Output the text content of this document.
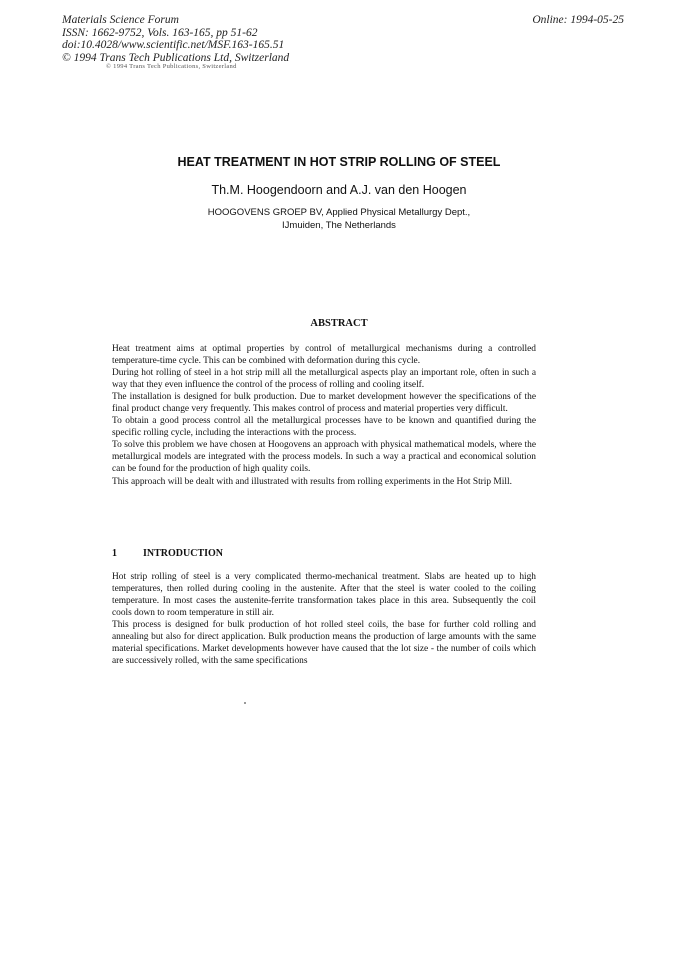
Materials Science Forum
ISSN: 1662-9752, Vols. 163-165, pp 51-62
doi:10.4028/www.scientific.net/MSF.163-165.51
© 1994 Trans Tech Publications Ltd, Switzerland
Online: 1994-05-25
© 1994 Trans Tech Publications, Switzerland
HEAT TREATMENT IN HOT STRIP ROLLING OF STEEL
Th.M. Hoogendoorn and A.J. van den Hoogen
HOOGOVENS GROEP BV, Applied Physical Metallurgy Dept.,
IJmuiden, The Netherlands
ABSTRACT

Heat treatment aims at optimal properties by control of metallurgical mechanisms during a controlled temperature-time cycle. This can be combined with deformation during this cycle.

During hot rolling of steel in a hot strip mill all the metallurgical aspects play an important role, often in such a way that they even influence the control of the process of rolling and cooling itself.

The installation is designed for bulk production. Due to market development however the specifications of the final product change very frequently. This makes control of process and material properties very difficult.

To obtain a good process control all the metallurgical processes have to be known and quantified during the specific rolling cycle, including the interactions with the process.

To solve this problem we have chosen at Hoogovens an approach with physical mathematical models, where the metallurgical models are integrated with the process models. In such a way a practical and economical solution can be found for the production of high quality coils.

This approach will be dealt with and illustrated with results from rolling experiments in the Hot Strip Mill.

1	INTRODUCTION

Hot strip rolling of steel is a very complicated thermo-mechanical treatment. Slabs are heated up to high temperatures, then rolled during cooling in the austenite. After that the steel is water cooled to the coiling temperature. In most cases the austenite-ferrite transformation takes place in this area. Subsequently the coil cools down to room temperature in still air.

This process is designed for bulk production of hot rolled steel coils, the base for further cold rolling and annealing but also for direct application. Bulk production means the production of large amounts with the same material specifications. Market developments however have caused that the lot size - the number of coils which are successively rolled, with the same specifications
